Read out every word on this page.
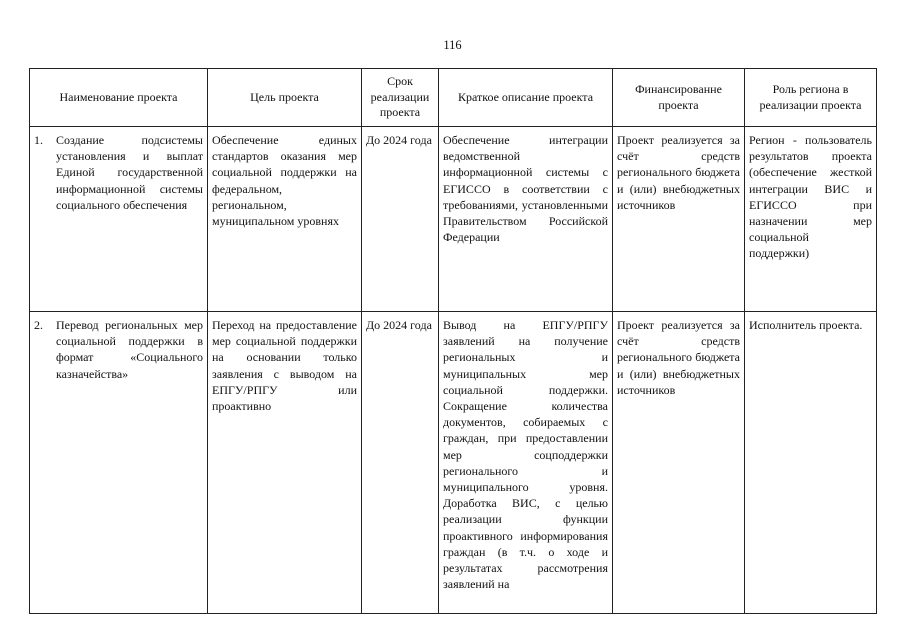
116
Наименование проекта	Цель проекта	Срок реализации проекта	Краткое описание проекта	Финансированне проекта	Роль региона в реализации проекта

1. Создание подсистемы установления и выплат Единой государственной информационной системы социального обеспечения	Обеспечение единых стандартов оказания мер социальной поддержки на федеральном, региональном, муниципальном уровнях	До 2024 года	Обеспечение интеграции ведомственной информационной системы с ЕГИССО в соответствии с требованиями, установленными Правительством Российской Федерации	Проект реализуется за счёт средств регионального бюджета и (или) внебюджетных источников	Регион - пользователь результатов проекта (обеспечение жесткой интеграции ВИС и ЕГИССО при назначении мер социальной поддержки)

2. Перевод региональных мер социальной поддержки в формат «Социального казначейства»	Переход на предоставление мер социальной поддержки на основании только заявления с выводом на ЕПГУ/РПГУ или проактивно	До 2024 года	Вывод на ЕПГУ/РПГУ заявлений на получение региональных и муниципальных мер социальной поддержки. Сокращение количества документов, собираемых с граждан, при предоставлении мер соцподдержки регионального и муниципального уровня. Доработка ВИС, с целью реализации функции проактивного информирования граждан (в т.ч. о ходе и результатах рассмотрения заявлений на	Проект реализуется за счёт средств регионального бюджета и (или) внебюджетных источников	Исполнитель проекта.
